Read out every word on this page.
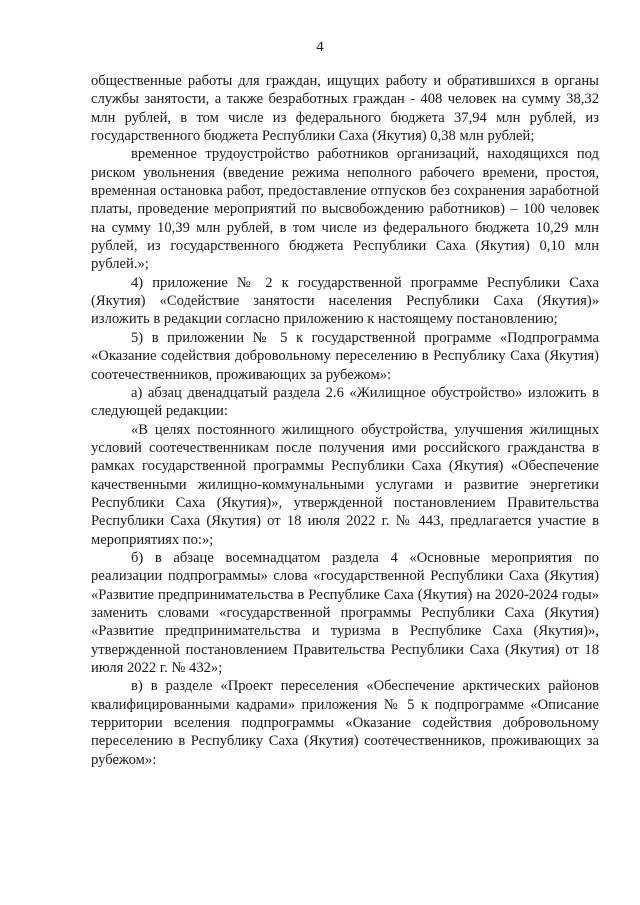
4

общественные работы для граждан, ищущих работу и обратившихся в органы службы занятости, а также безработных граждан - 408 человек на сумму 38,32 млн рублей, в том числе из федерального бюджета 37,94 млн рублей, из государственного бюджета Республики Саха (Якутия) 0,38 млн рублей;

временное трудоустройство работников организаций, находящихся под риском увольнения (введение режима неполного рабочего времени, простоя, временная остановка работ, предоставление отпусков без сохранения заработной платы, проведение мероприятий по высвобождению работников) – 100 человек на сумму 10,39 млн рублей, в том числе из федерального бюджета 10,29 млн рублей, из государственного бюджета Республики Саха (Якутия) 0,10 млн рублей.»;

4) приложение № 2 к государственной программе Республики Саха (Якутия) «Содействие занятости населения Республики Саха (Якутия)» изложить в редакции согласно приложению к настоящему постановлению;

5) в приложении № 5 к государственной программе «Подпрограмма «Оказание содействия добровольному переселению в Республику Саха (Якутия) соотечественников, проживающих за рубежом»:

а) абзац двенадцатый раздела 2.6 «Жилищное обустройство» изложить в следующей редакции:

«В целях постоянного жилищного обустройства, улучшения жилищных условий соотечественникам после получения ими российского гражданства в рамках государственной программы Республики Саха (Якутия) «Обеспечение качественными жилищно-коммунальными услугами и развитие энергетики Республики Саха (Якутия)», утвержденной постановлением Правительства Республики Саха (Якутия) от 18 июля 2022 г. № 443, предлагается участие в мероприятиях по:»;

б) в абзаце восемнадцатом раздела 4 «Основные мероприятия по реализации подпрограммы» слова «государственной Республики Саха (Якутия) «Развитие предпринимательства в Республике Саха (Якутия) на 2020-2024 годы» заменить словами «государственной программы Республики Саха (Якутия) «Развитие предпринимательства и туризма в Республике Саха (Якутия)», утвержденной постановлением Правительства Республики Саха (Якутия) от 18 июля 2022 г. № 432»;

в) в разделе «Проект переселения «Обеспечение арктических районов квалифицированными кадрами» приложения № 5 к подпрограмме «Описание территории вселения подпрограммы «Оказание содействия добровольному переселению в Республику Саха (Якутия) соотечественников, проживающих за рубежом»:
